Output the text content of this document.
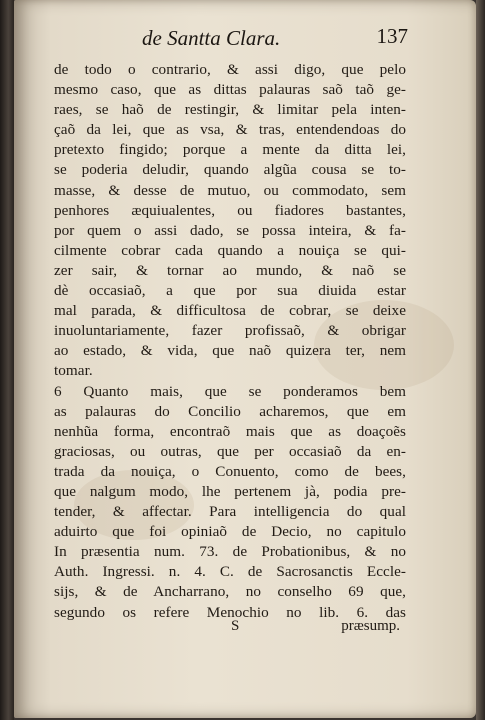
de Santta Clara.	137
de todo o contrario, & assi digo, que pelo
mesmo caso, que as dittas palauras saõ taõ ge-
raes, se haõ de restingir, & limitar pela inten-
çaõ da lei, que as vsa, & tras, entendendoas do
pretexto fingido; porque a mente da ditta lei,
se poderia deludir, quando algũa cousa se to-
masse, & desse de mutuo, ou commodato, sem
penhores æquiualentes, ou fiadores bastantes,
por quem o assi dado, se possa inteira, & fa-
cilmente cobrar cada quando a nouiça se qui-
zer sair, & tornar ao mundo, & naõ se
dè occasiaõ, a que por sua diuida estar
mal parada, & difficultosa de cobrar, se deixe
inuoluntariamente, fazer profissaõ, & obrigar
ao estado, & vida, que naõ quizera ter, nem
tomar.
6 Quanto mais, que se ponderamos bem
as palauras do Concilio acharemos, que em
nenhũa forma, encontraõ mais que as doaçoẽs
graciosas, ou outras, que per occasiaõ da en-
trada da nouiça, o Conuento, como de bees,
que nalgum modo, lhe pertenem jà, podia pre-
tender, & affectar. Para intelligencia do qual
aduirto que foi opiniaõ de Decio, no capitulo
In præsentia num. 73. de Probationibus, & no
Auth. Ingressi. n. 4. C. de Sacrosanctis Eccle-
sijs, & de Ancharrano, no conselho 69 que,
segundo os refere Menochio no lib. 6. das
S	præsump.
